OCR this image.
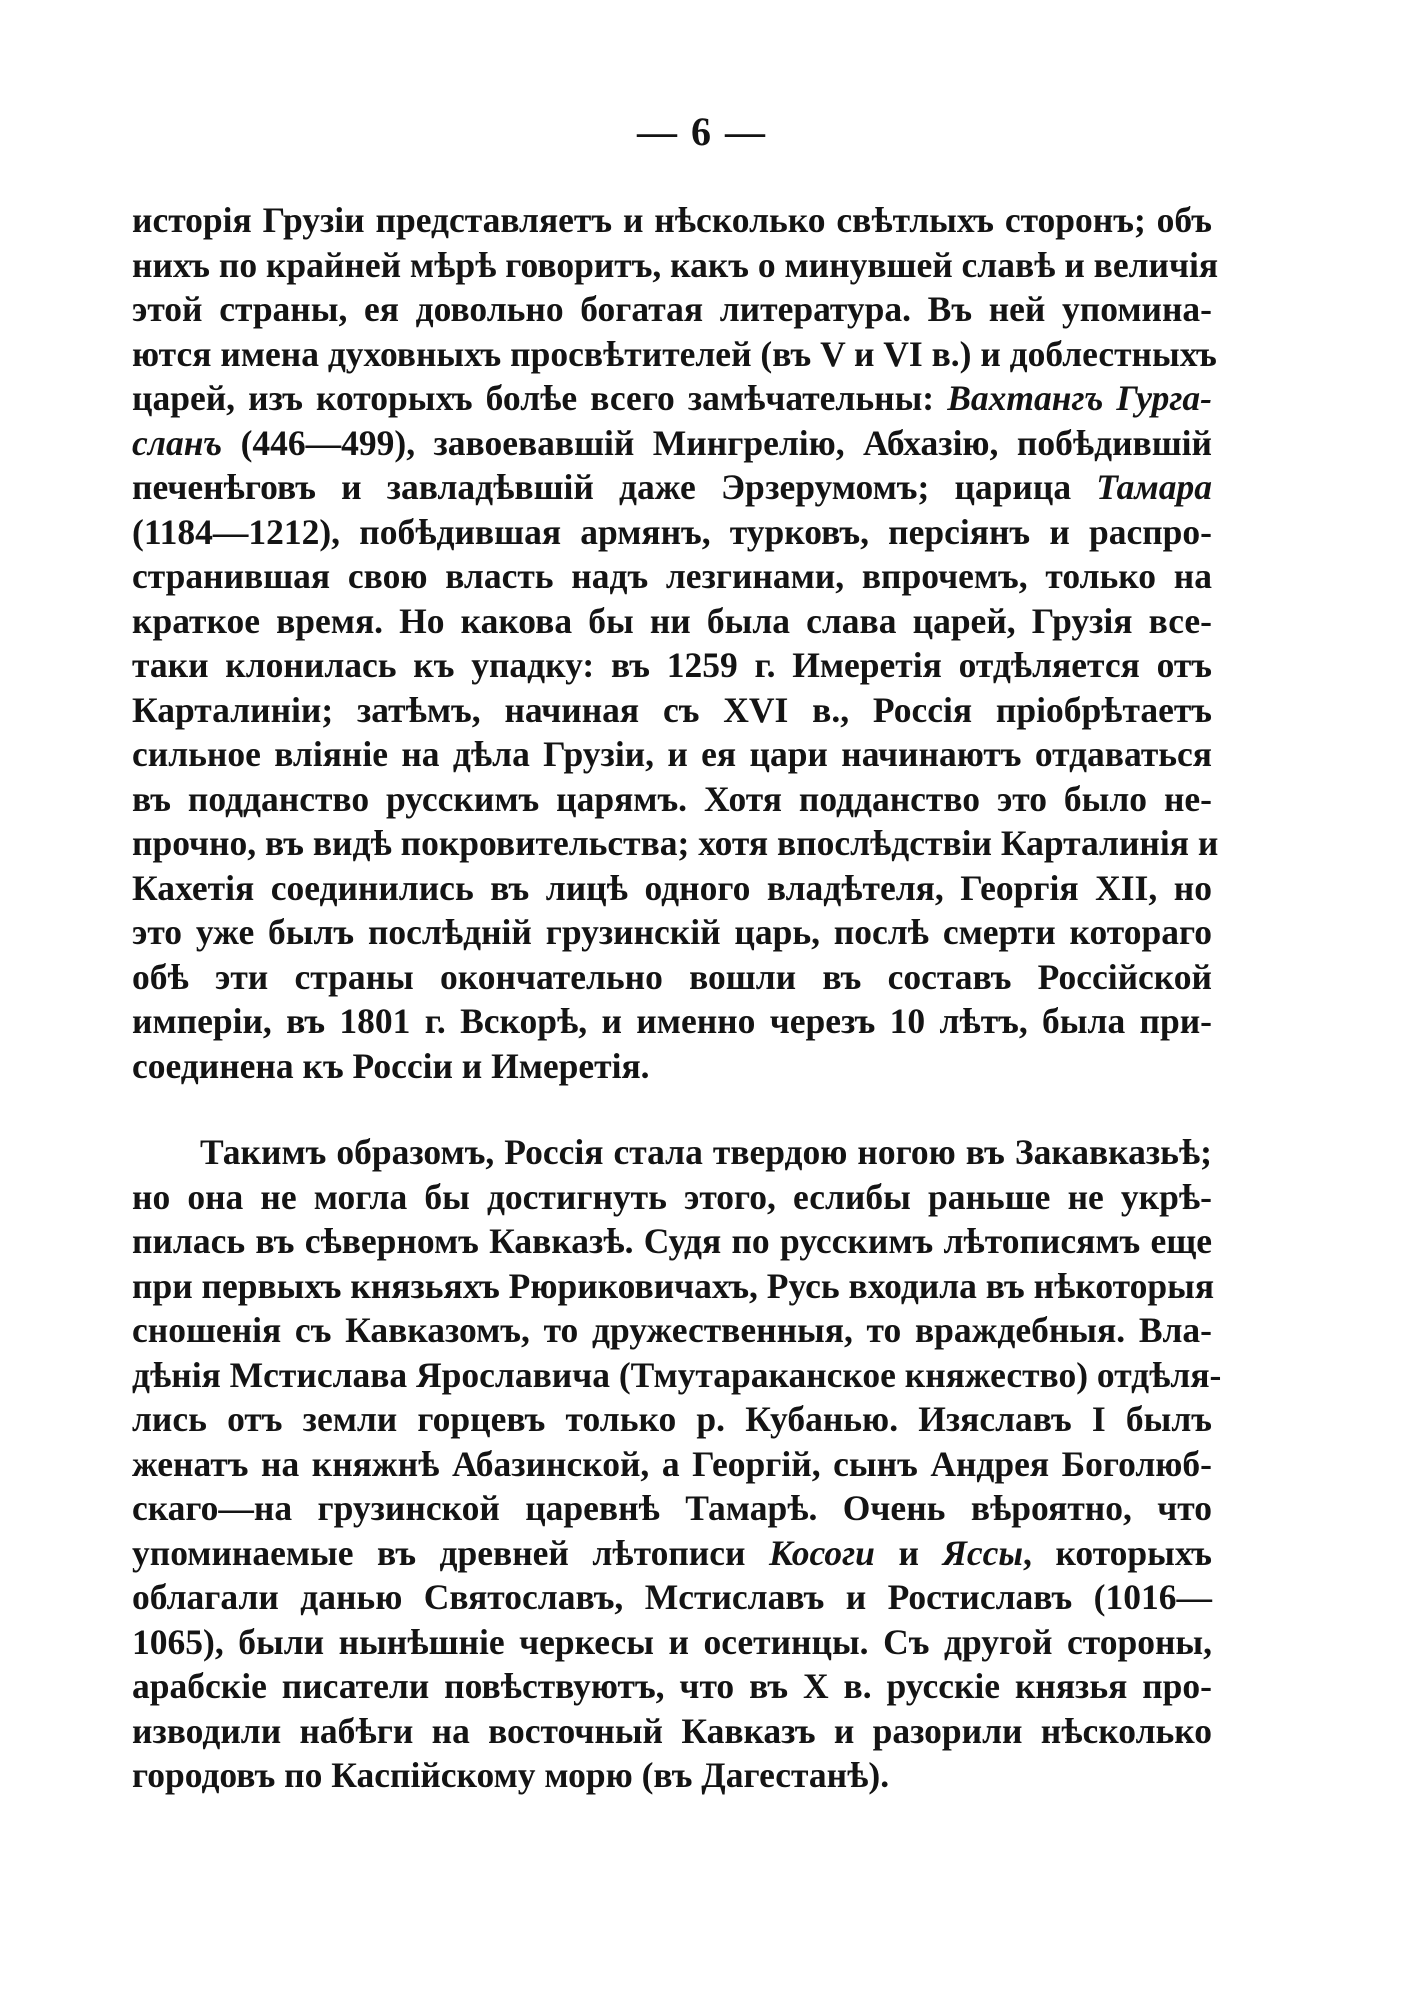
— 6 —
исторія Грузіи представляетъ и нѣсколько свѣтлыхъ сторонъ; объ
нихъ по крайней мѣрѣ говоритъ, какъ о минувшей славѣ и величія
этой страны, ея довольно богатая литература. Въ ней упомина-
ются имена духовныхъ просвѣтителей (въ V и VI в.) и доблестныхъ
царей, изъ которыхъ болѣе всего замѣчательны: Вахтангъ Гурга-
сланъ (446—499), завоевавшій Мингрелію, Абхазію, побѣдившій
печенѣговъ и завладѣвшій даже Эрзерумомъ; царица Тамара
(1184—1212), побѣдившая армянъ, турковъ, персіянъ и распро-
странившая свою власть надъ лезгинами, впрочемъ, только на
краткое время. Но какова бы ни была слава царей, Грузія все-
таки клонилась къ упадку: въ 1259 г. Имеретія отдѣляется отъ
Карталиніи; затѣмъ, начиная съ XVI в., Россія пріобрѣтаетъ
сильное вліяніе на дѣла Грузіи, и ея цари начинаютъ отдаваться
въ подданство русскимъ царямъ. Хотя подданство это было не-
прочно, въ видѣ покровительства; хотя впослѣдствіи Карталинія и
Кахетія соединились въ лицѣ одного владѣтеля, Георгія XII, но
это уже былъ послѣдній грузинскій царь, послѣ смерти котораго
обѣ эти страны окончательно вошли въ составъ Россійской
имперіи, въ 1801 г. Вскорѣ, и именно черезъ 10 лѣтъ, была при-
соединена къ Россіи и Имеретія.
Такимъ образомъ, Россія стала твердою ногою въ Закавказьѣ;
но она не могла бы достигнуть этого, еслибы раньше не укрѣ-
пилась въ сѣверномъ Кавказѣ. Судя по русскимъ лѣтописямъ еще
при первыхъ князьяхъ Рюриковичахъ, Русь входила въ нѣкоторыя
сношенія съ Кавказомъ, то дружественныя, то враждебныя. Вла-
дѣнія Мстислава Ярославича (Тмутараканское княжество) отдѣля-
лись отъ земли горцевъ только р. Кубанью. Изяславъ I былъ
женатъ на княжнѣ Абазинской, а Георгій, сынъ Андрея Боголюб-
скаго—на грузинской царевнѣ Тамарѣ. Очень вѣроятно, что
упоминаемые въ древней лѣтописи Косоги и Яссы, которыхъ
облагали данью Святославъ, Мстиславъ и Ростиславъ (1016—
1065), были нынѣшніе черкесы и осетинцы. Съ другой стороны,
арабскіе писатели повѣствуютъ, что въ X в. русскіе князья про-
изводили набѣги на восточный Кавказъ и разорили нѣсколько
городовъ по Каспійскому морю (въ Дагестанѣ).
